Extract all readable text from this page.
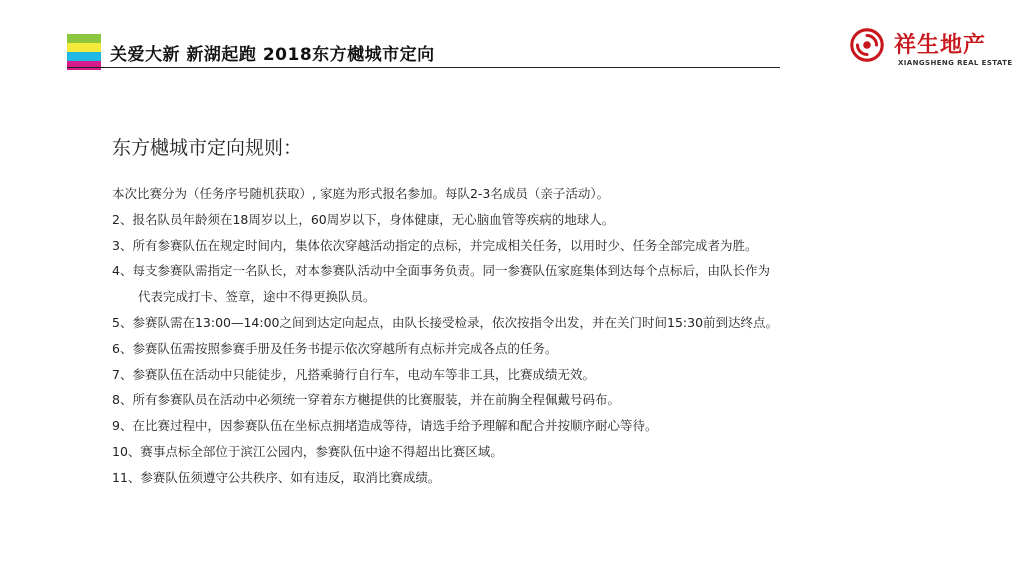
关爱大新 新湖起跑 2018东方樾城市定向	祥生地产
XIANGSHENG REAL ESTATE
东方樾城市定向规则：
本次比赛分为（任务序号随机获取）, 家庭为形式报名参加。每队2-3名成员（亲子活动）。
2、报名队员年龄须在18周岁以上，60周岁以下，身体健康，无心脑血管等疾病的地球人。
3、所有参赛队伍在规定时间内，集体依次穿越活动指定的点标，并完成相关任务，以用时少、任务全部完成者为胜。
4、每支参赛队需指定一名队长，对本参赛队活动中全面事务负责。同一参赛队伍家庭集体到达每个点标后，由队长作为
代表完成打卡、签章，途中不得更换队员。
5、参赛队需在13:00—14:00之间到达定向起点，由队长接受检录，依次按指令出发，并在关门时间15:30前到达终点。
6、参赛队伍需按照参赛手册及任务书提示依次穿越所有点标并完成各点的任务。
7、参赛队伍在活动中只能徒步，凡搭乘骑行自行车，电动车等非工具，比赛成绩无效。
8、所有参赛队员在活动中必须统一穿着东方樾提供的比赛服装，并在前胸全程佩戴号码布。
9、在比赛过程中，因参赛队伍在坐标点拥堵造成等待，请选手给予理解和配合并按顺序耐心等待。
10、赛事点标全部位于滨江公园内，参赛队伍中途不得超出比赛区域。
11、参赛队伍须遵守公共秩序、如有违反，取消比赛成绩。
